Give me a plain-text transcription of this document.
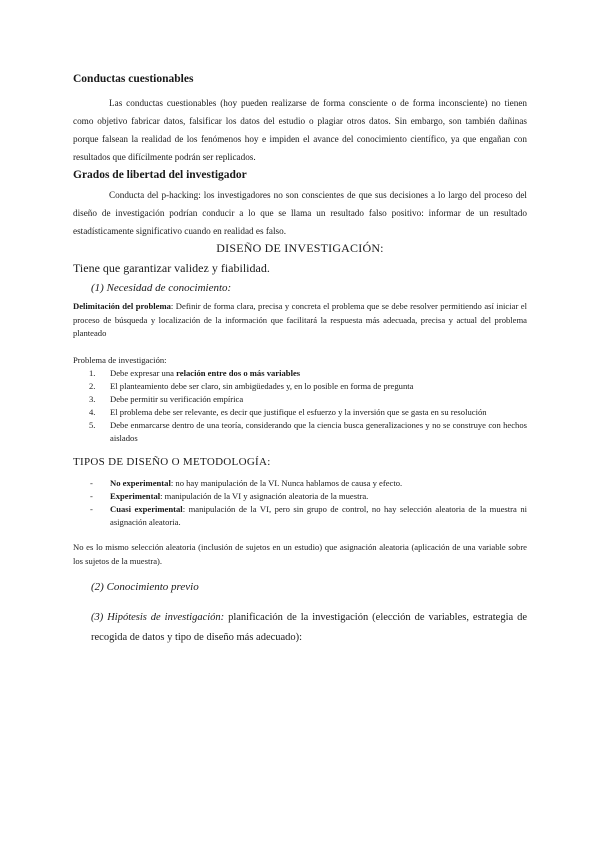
Conductas cuestionables

Las conductas cuestionables (hoy pueden realizarse de forma consciente o de forma inconsciente) no tienen como objetivo fabricar datos, falsificar los datos del estudio o plagiar otros datos. Sin embargo, son también dañinas porque falsean la realidad de los fenómenos hoy e impiden el avance del conocimiento científico, ya que engañan con resultados que difícilmente podrán ser replicados.

Grados de libertad del investigador

Conducta del p-hacking: los investigadores no son conscientes de que sus decisiones a lo largo del proceso del diseño de investigación podrían conducir a lo que se llama un resultado falso positivo: informar de un resultado estadísticamente significativo cuando en realidad es falso.

DISEÑO DE INVESTIGACIÓN:

Tiene que garantizar validez y fiabilidad.

(1) Necesidad de conocimiento:

Delimitación del problema: Definir de forma clara, precisa y concreta el problema que se debe resolver permitiendo así iniciar el proceso de búsqueda y localización de la información que facilitará la respuesta más adecuada, precisa y actual del problema planteado

Problema de investigación:

1. Debe expresar una relación entre dos o más variables
2. El planteamiento debe ser claro, sin ambigüedades y, en lo posible en forma de pregunta
3. Debe permitir su verificación empírica
4. El problema debe ser relevante, es decir que justifique el esfuerzo y la inversión que se gasta en su resolución
5. Debe enmarcarse dentro de una teoría, considerando que la ciencia busca generalizaciones y no se construye con hechos aislados

TIPOS DE DISEÑO O METODOLOGÍA:

- No experimental: no hay manipulación de la VI. Nunca hablamos de causa y efecto.
- Experimental: manipulación de la VI y asignación aleatoria de la muestra.
- Cuasi experimental: manipulación de la VI, pero sin grupo de control, no hay selección aleatoria de la muestra ni asignación aleatoria.

No es lo mismo selección aleatoria (inclusión de sujetos en un estudio) que asignación aleatoria (aplicación de una variable sobre los sujetos de la muestra).

(2) Conocimiento previo

(3) Hipótesis de investigación: planificación de la investigación (elección de variables, estrategia de recogida de datos y tipo de diseño más adecuado):
